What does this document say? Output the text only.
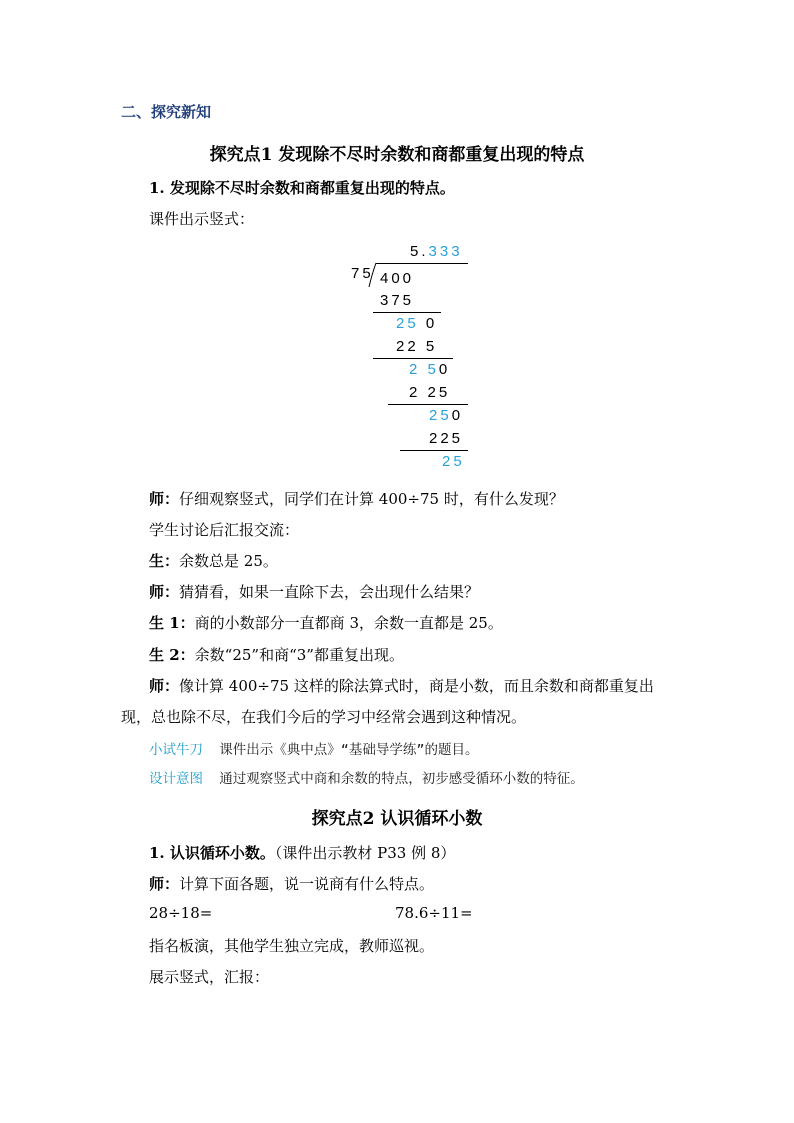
二、探究新知
探究点1 发现除不尽时余数和商都重复出现的特点
1. 发现除不尽时余数和商都重复出现的特点。
课件出示竖式：
5.333
75 400
375
25 0
22 5
2 50
2 25
250
225
25
师：仔细观察竖式，同学们在计算 400÷75 时，有什么发现？
学生讨论后汇报交流：
生：余数总是 25。
师：猜猜看，如果一直除下去，会出现什么结果？
生 1：商的小数部分一直都商 3，余数一直都是 25。
生 2：余数“25”和商“3”都重复出现。
师：像计算 400÷75 这样的除法算式时，商是小数，而且余数和商都重复出
现，总也除不尽，在我们今后的学习中经常会遇到这种情况。
小试牛刀 课件出示《典中点》“基础导学练”的题目。
设计意图 通过观察竖式中商和余数的特点，初步感受循环小数的特征。
探究点2 认识循环小数
1. 认识循环小数。（课件出示教材 P33 例 8）
师：计算下面各题，说一说商有什么特点。
28÷18=	78.6÷11=
指名板演，其他学生独立完成，教师巡视。
展示竖式，汇报：
